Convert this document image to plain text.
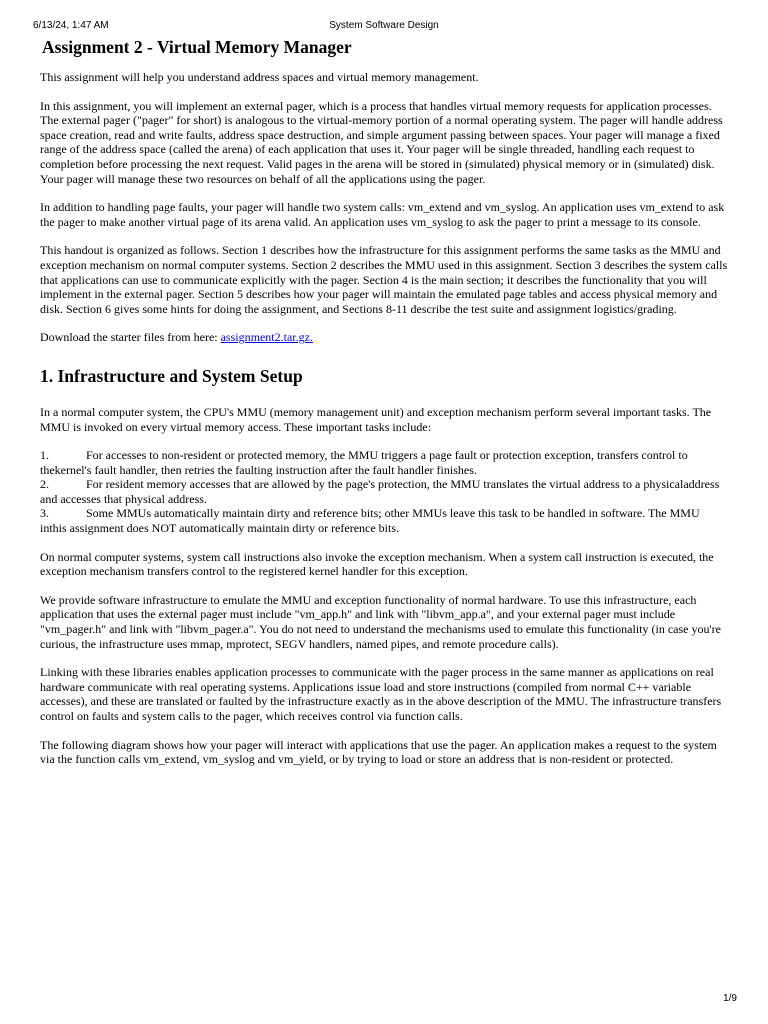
6/13/24, 1:47 AM	System Software Design
Assignment 2 - Virtual Memory Manager

This assignment will help you understand address spaces and virtual memory management.

In this assignment, you will implement an external pager, which is a process that handles virtual memory requests for application processes. The external pager ("pager" for short) is analogous to the virtual-memory portion of a normal operating system. The pager will handle address space creation, read and write faults, address space destruction, and simple argument passing between spaces. Your pager will manage a fixed range of the address space (called the arena) of each application that uses it. Your pager will be single threaded, handling each request to completion before processing the next request. Valid pages in the arena will be stored in (simulated) physical memory or in (simulated) disk. Your pager will manage these two resources on behalf of all the applications using the pager.

In addition to handling page faults, your pager will handle two system calls: vm_extend and vm_syslog. An application uses vm_extend to ask the pager to make another virtual page of its arena valid. An application uses vm_syslog to ask the pager to print a message to its console.

This handout is organized as follows. Section 1 describes how the infrastructure for this assignment performs the same tasks as the MMU and exception mechanism on normal computer systems. Section 2 describes the MMU used in this assignment. Section 3 describes the system calls that applications can use to communicate explicitly with the pager. Section 4 is the main section; it describes the functionality that you will implement in the external pager. Section 5 describes how your pager will maintain the emulated page tables and access physical memory and disk. Section 6 gives some hints for doing the assignment, and Sections 8-11 describe the test suite and assignment logistics/grading.

Download the starter files from here: assignment2.tar.gz.

1. Infrastructure and System Setup

In a normal computer system, the CPU's MMU (memory management unit) and exception mechanism perform several important tasks. The MMU is invoked on every virtual memory access. These important tasks include:

1.	For accesses to non-resident or protected memory, the MMU triggers a page fault or protection exception, transfers control to thekernel's fault handler, then retries the faulting instruction after the fault handler finishes.
2.	For resident memory accesses that are allowed by the page's protection, the MMU translates the virtual address to a physicaladdress and accesses that physical address.
3.	Some MMUs automatically maintain dirty and reference bits; other MMUs leave this task to be handled in software. The MMU inthis assignment does NOT automatically maintain dirty or reference bits.

On normal computer systems, system call instructions also invoke the exception mechanism. When a system call instruction is executed, the exception mechanism transfers control to the registered kernel handler for this exception.

We provide software infrastructure to emulate the MMU and exception functionality of normal hardware. To use this infrastructure, each application that uses the external pager must include "vm_app.h" and link with "libvm_app.a", and your external pager must include "vm_pager.h" and link with "libvm_pager.a". You do not need to understand the mechanisms used to emulate this functionality (in case you're curious, the infrastructure uses mmap, mprotect, SEGV handlers, named pipes, and remote procedure calls).

Linking with these libraries enables application processes to communicate with the pager process in the same manner as applications on real hardware communicate with real operating systems. Applications issue load and store instructions (compiled from normal C++ variable accesses), and these are translated or faulted by the infrastructure exactly as in the above description of the MMU. The infrastructure transfers control on faults and system calls to the pager, which receives control via function calls.

The following diagram shows how your pager will interact with applications that use the pager. An application makes a request to the system via the function calls vm_extend, vm_syslog and vm_yield, or by trying to load or store an address that is non-resident or protected.

1/9
